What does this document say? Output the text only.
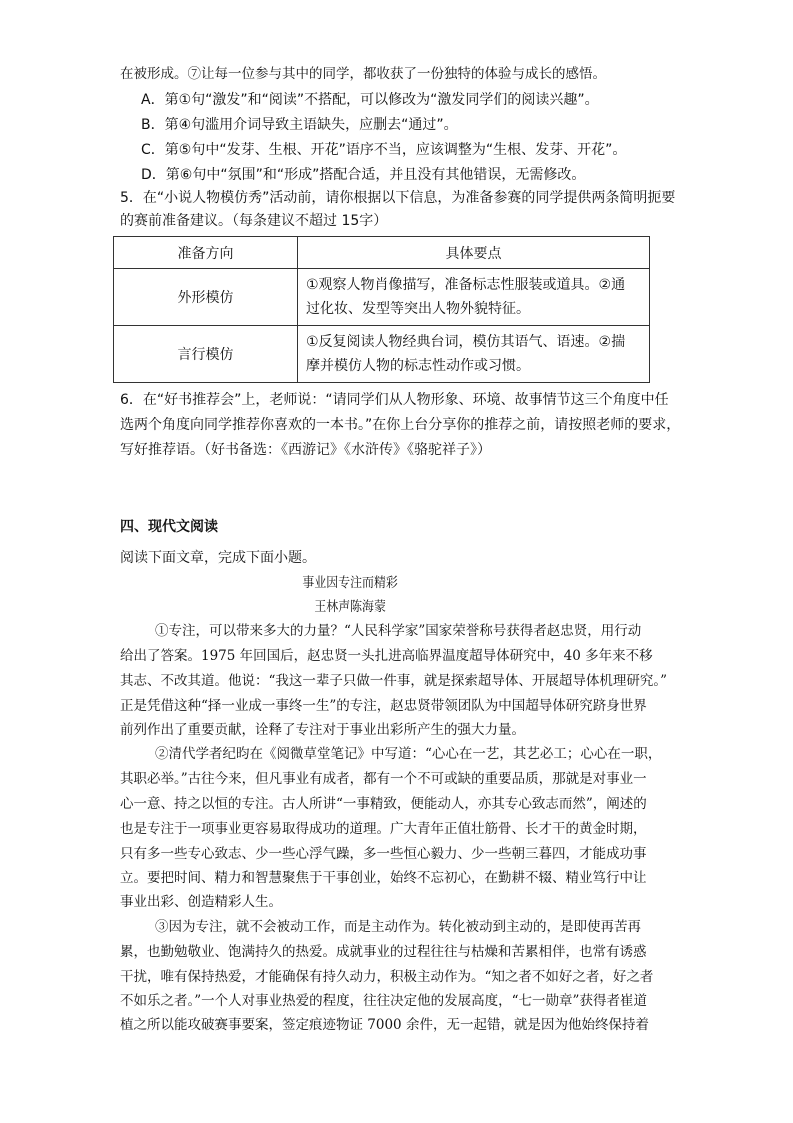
在被形成。⑦让每一位参与其中的同学，都收获了一份独特的体验与成长的感悟。
A．第①句“激发”和“阅读”不搭配，可以修改为“激发同学们的阅读兴趣”。
B．第④句滥用介词导致主语缺失，应删去“通过”。
C．第⑤句中“发芽、生根、开花”语序不当，应该调整为“生根、发芽、开花”。
D．第⑥句中“氛围”和“形成”搭配合适，并且没有其他错误，无需修改。
5．在“小说人物模仿秀”活动前，请你根据以下信息，为准备参赛的同学提供两条简明扼要
的赛前准备建议。（每条建议不超过 15字）
准备方向	具体要点
外形模仿	①观察人物肖像描写，准备标志性服装或道具。②通
过化妆、发型等突出人物外貌特征。

言行模仿	①反复阅读人物经典台词，模仿其语气、语速。②揣
摩并模仿人物的标志性动作或习惯。
6．在“好书推荐会”上，老师说：“请同学们从人物形象、环境、故事情节这三个角度中任
选两个角度向同学推荐你喜欢的一本书。”在你上台分享你的推荐之前，请按照老师的要求，
写好推荐语。（好书备选：《西游记》《水浒传》《骆驼祥子》）
四、现代文阅读
阅读下面文章，完成下面小题。
事业因专注而精彩
王林声陈海蒙
①专注，可以带来多大的力量？“人民科学家”国家荣誉称号获得者赵忠贤，用行动
给出了答案。1975 年回国后，赵忠贤一头扎进高临界温度超导体研究中，40 多年来不移
其志、不改其道。他说：“我这一辈子只做一件事，就是探索超导体、开展超导体机理研究。”
正是凭借这种“择一业成一事终一生”的专注，赵忠贤带领团队为中国超导体研究跻身世界
前列作出了重要贡献，诠释了专注对于事业出彩所产生的强大力量。
②清代学者纪昀在《阅微草堂笔记》中写道：“心心在一艺，其艺必工；心心在一职，
其职必举。”古往今来，但凡事业有成者，都有一个不可或缺的重要品质，那就是对事业一
心一意、持之以恒的专注。古人所讲“一事精致，便能动人，亦其专心致志而然”，阐述的
也是专注于一项事业更容易取得成功的道理。广大青年正值壮筋骨、长才干的黄金时期，
只有多一些专心致志、少一些心浮气躁，多一些恒心毅力、少一些朝三暮四，才能成功事
立。要把时间、精力和智慧聚焦于干事创业，始终不忘初心，在勤耕不辍、精业笃行中让
事业出彩、创造精彩人生。
③因为专注，就不会被动工作，而是主动作为。转化被动到主动的，是即使再苦再
累，也勤勉敬业、饱满持久的热爱。成就事业的过程往往与枯燥和苦累相伴，也常有诱惑
干扰，唯有保持热爱，才能确保有持久动力，积极主动作为。“知之者不如好之者，好之者
不如乐之者。”一个人对事业热爱的程度，往往决定他的发展高度，“七一勋章”获得者崔道
植之所以能攻破赛事要案，签定痕迹物证 7000 余件，无一起错，就是因为他始终保持着
